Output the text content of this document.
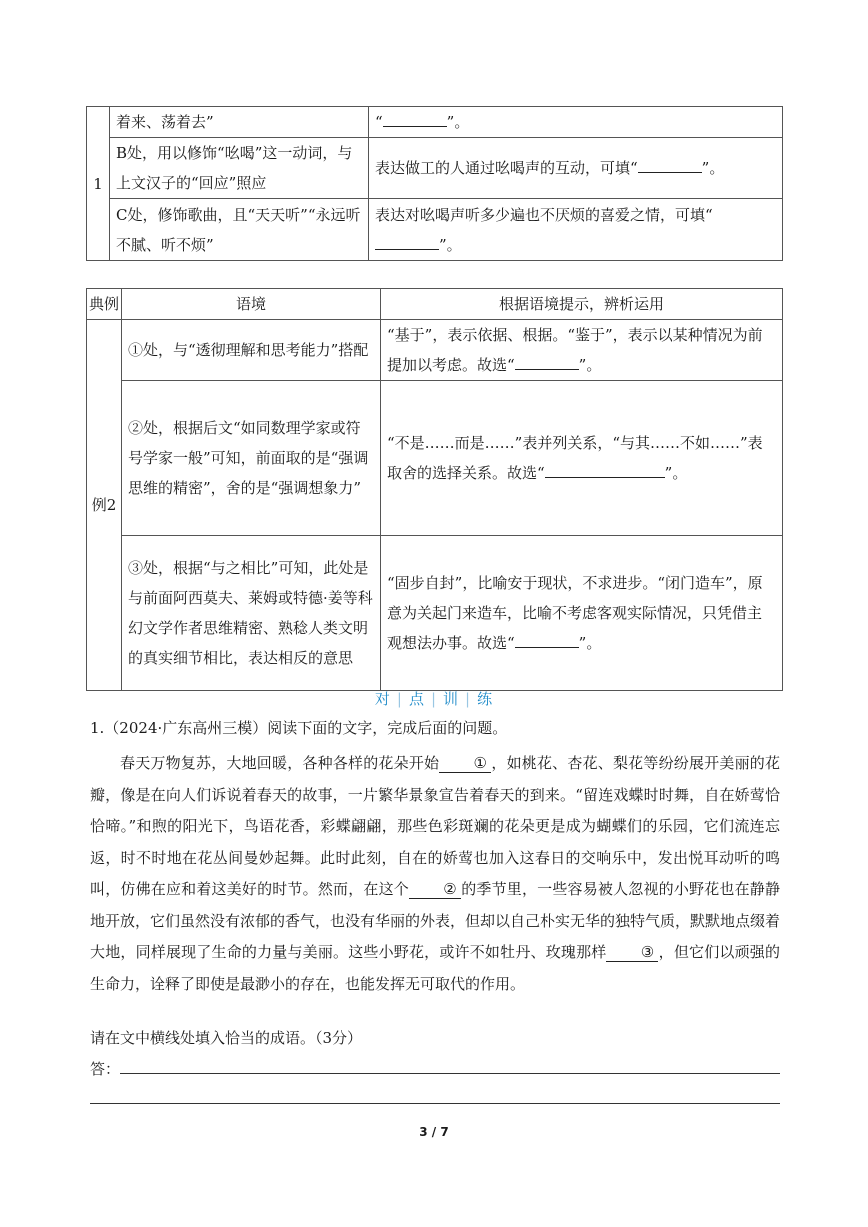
1	着来、荡着去”	“ ”。
	B处，用以修饰“吆喝”这一动词，与上文汉子的“回应”照应	表达做工的人通过吆喝声的互动，可填“ ”。
	C处，修饰歌曲，且“天天听”“永远听不腻、听不烦”	表达对吆喝声听多少遍也不厌烦的喜爱之情，可填“”。
典例	语境	根据语境提示，辨析运用
例2	①处，与“透彻理解和思考能力”搭配	“基于”，表示依据、根据。“鉴于”，表示以某种情况为前提加以考虑。故选“ ”。
	②处，根据后文“如同数理学家或符号学家一般”可知，前面取的是“强调思维的精密”，舍的是“强调想象力”	“不是……而是……”表并列关系，“与其……不如……”表取舍的选择关系。故选“ ”。
	③处，根据“与之相比”可知，此处是与前面阿西莫夫、莱姆或特德·姜等科幻文学作者思维精密、熟稔人类文明的真实细节相比，表达相反的意思	“固步自封”，比喻安于现状，不求进步。“闭门造车”，原意为关起门来造车，比喻不考虑客观实际情况，只凭借主观想法办事。故选“ ”。
对 | 点 | 训 | 练
1.（2024·广东高州三模）阅读下面的文字，完成后面的问题。

春天万物复苏，大地回暖，各种各样的花朵开始 ① ，如桃花、杏花、梨花等纷纷展开美丽的花瓣，像是在向人们诉说着春天的故事，一片繁华景象宣告着春天的到来。“留连戏蝶时时舞，自在娇莺恰恰啼。”和煦的阳光下，鸟语花香，彩蝶翩翩，那些色彩斑斓的花朵更是成为蝴蝶们的乐园，它们流连忘返，时不时地在花丛间曼妙起舞。此时此刻，自在的娇莺也加入这春日的交响乐中，发出悦耳动听的鸣叫，仿佛在应和着这美好的时节。然而，在这个 ② 的季节里，一些容易被人忽视的小野花也在静静地开放，它们虽然没有浓郁的香气，也没有华丽的外表，但却以自己朴实无华的独特气质，默默地点缀着大地，同样展现了生命的力量与美丽。这些小野花，或许不如牡丹、玫瑰那样 ③ ，但它们以顽强的生命力，诠释了即使是最渺小的存在，也能发挥无可取代的作用。

请在文中横线处填入恰当的成语。（3分）
答：
3 / 7
